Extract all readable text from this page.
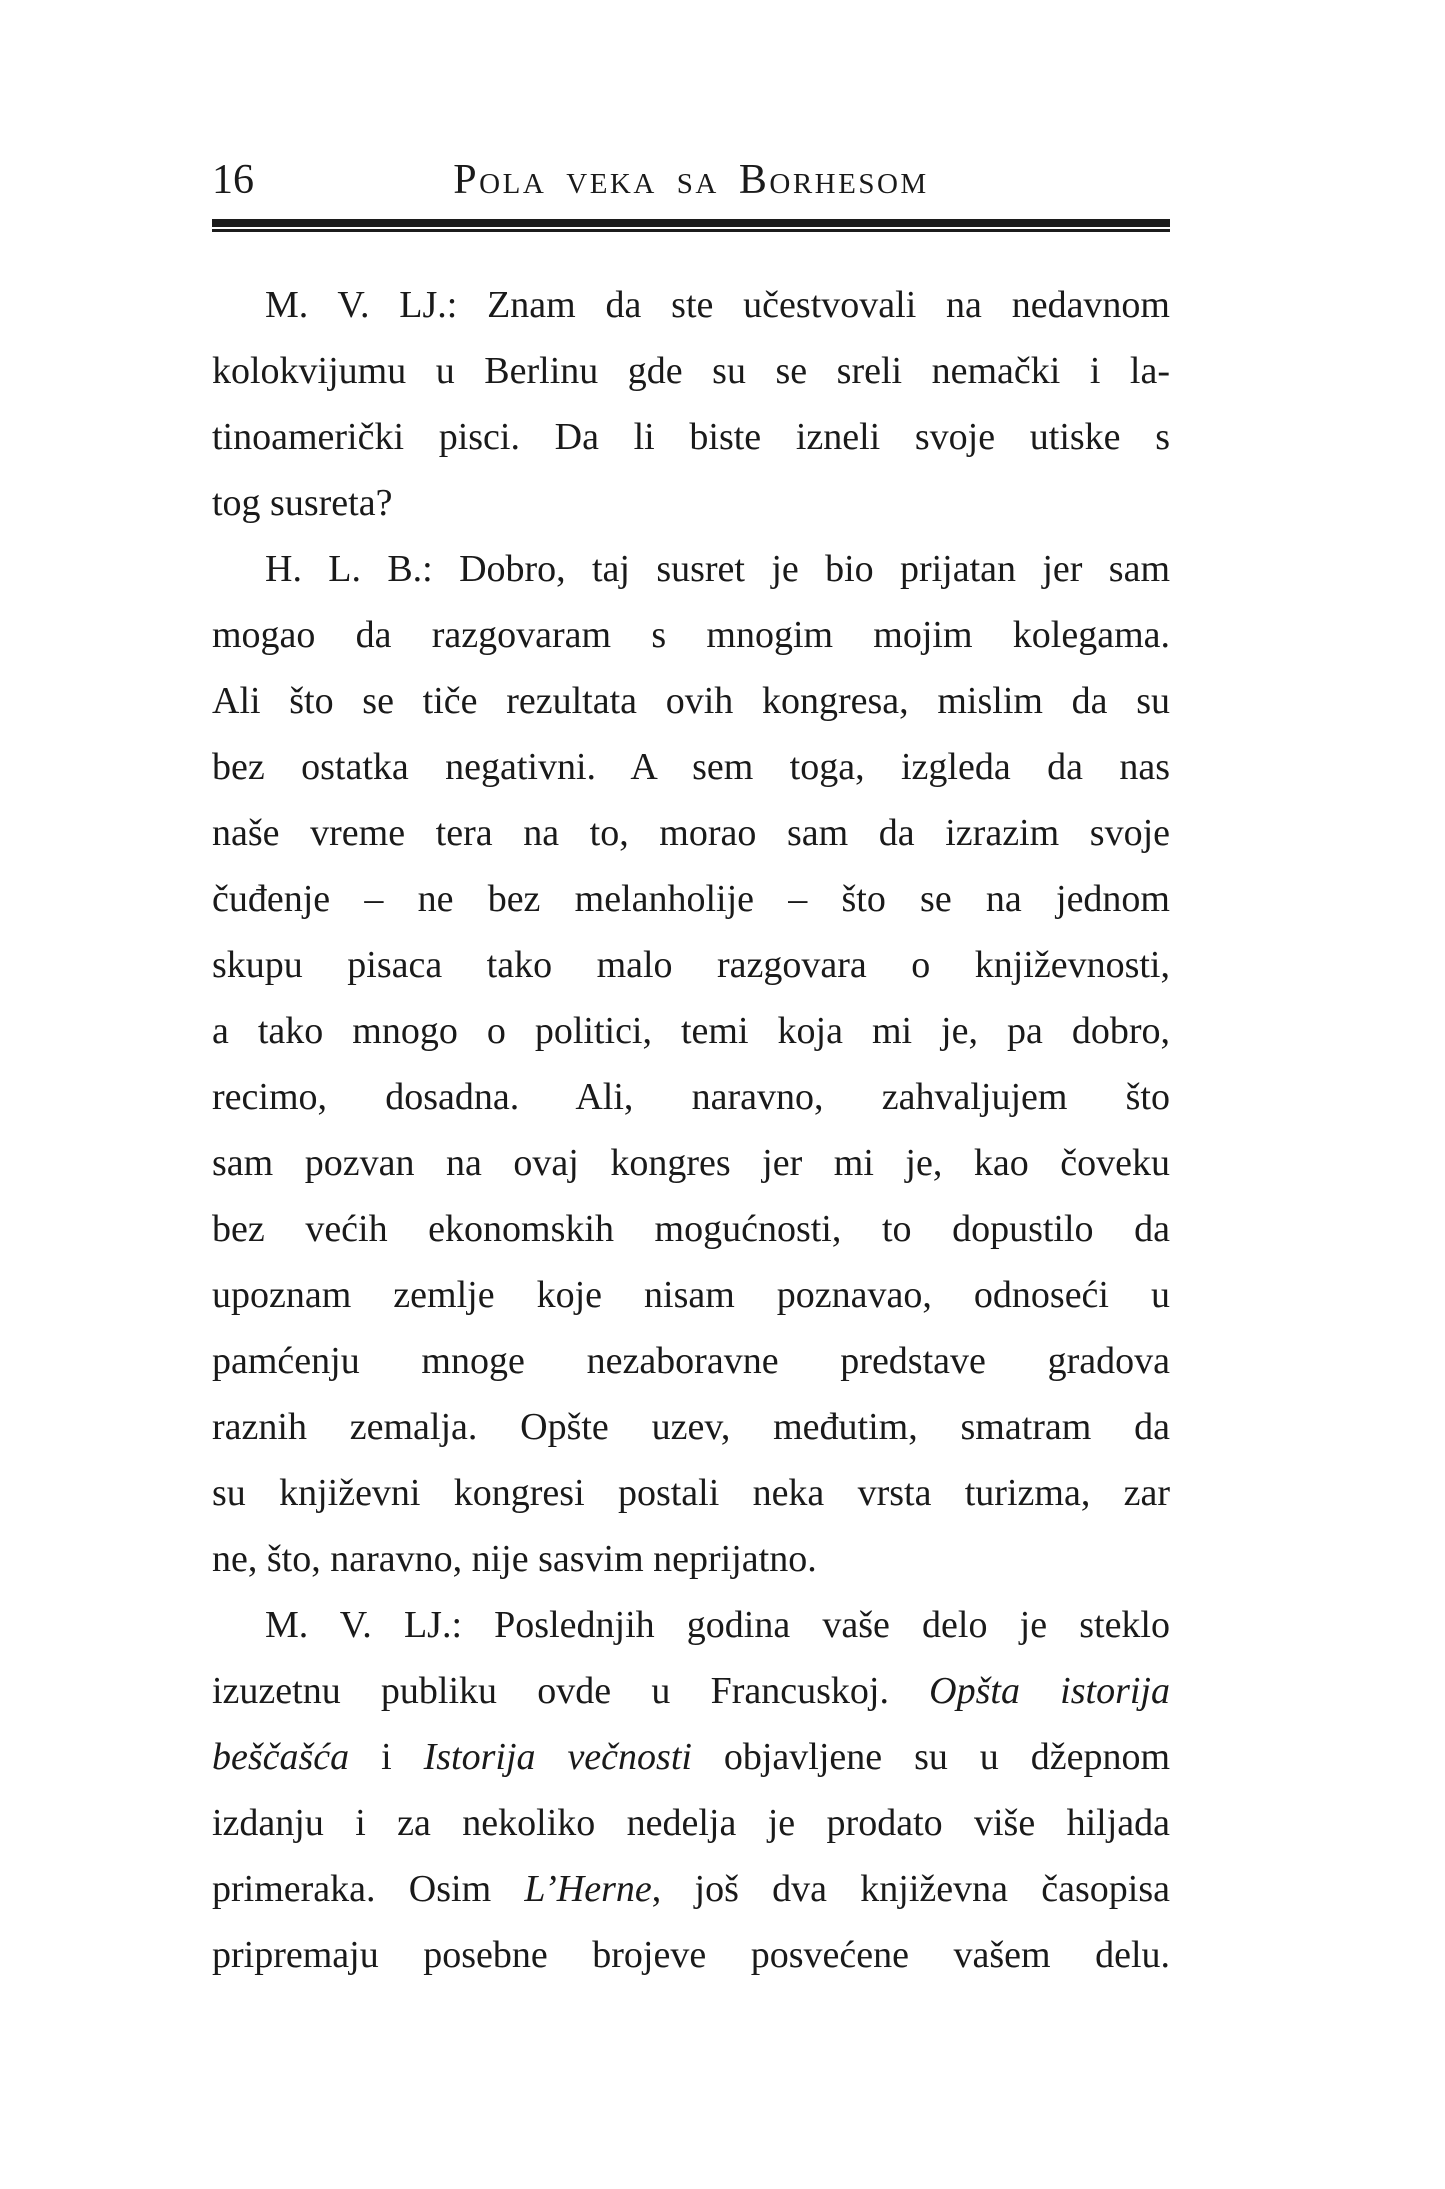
16	Pola veka sa Borhesom
M. V. LJ.: Znam da ste učestvovali na nedavnom
kolokvijumu u Berlinu gde su se sreli nemački i la-
tinoamerički pisci. Da li biste izneli svoje utiske s
tog susreta?
H. L. B.: Dobro, taj susret je bio prijatan jer sam
mogao da razgovaram s mnogim mojim kolegama.
Ali što se tiče rezultata ovih kongresa, mislim da su
bez ostatka negativni. A sem toga, izgleda da nas
naše vreme tera na to, morao sam da izrazim svoje
čuđenje – ne bez melanholije – što se na jednom
skupu pisaca tako malo razgovara o književnosti,
a tako mnogo o politici, temi koja mi je, pa dobro,
recimo, dosadna. Ali, naravno, zahvaljujem što
sam pozvan na ovaj kongres jer mi je, kao čoveku
bez većih ekonomskih mogućnosti, to dopustilo da
upoznam zemlje koje nisam poznavao, odnoseći u
pamćenju mnoge nezaboravne predstave gradova
raznih zemalja. Opšte uzev, međutim, smatram da
su književni kongresi postali neka vrsta turizma, zar
ne, što, naravno, nije sasvim neprijatno.
M. V. LJ.: Poslednjih godina vaše delo je steklo
izuzetnu publiku ovde u Francuskoj. Opšta istorija
beščašća i Istorija večnosti objavljene su u džepnom
izdanju i za nekoliko nedelja je prodato više hiljada
primeraka. Osim L’Herne, još dva književna časopisa
pripremaju posebne brojeve posvećene vašem delu.
